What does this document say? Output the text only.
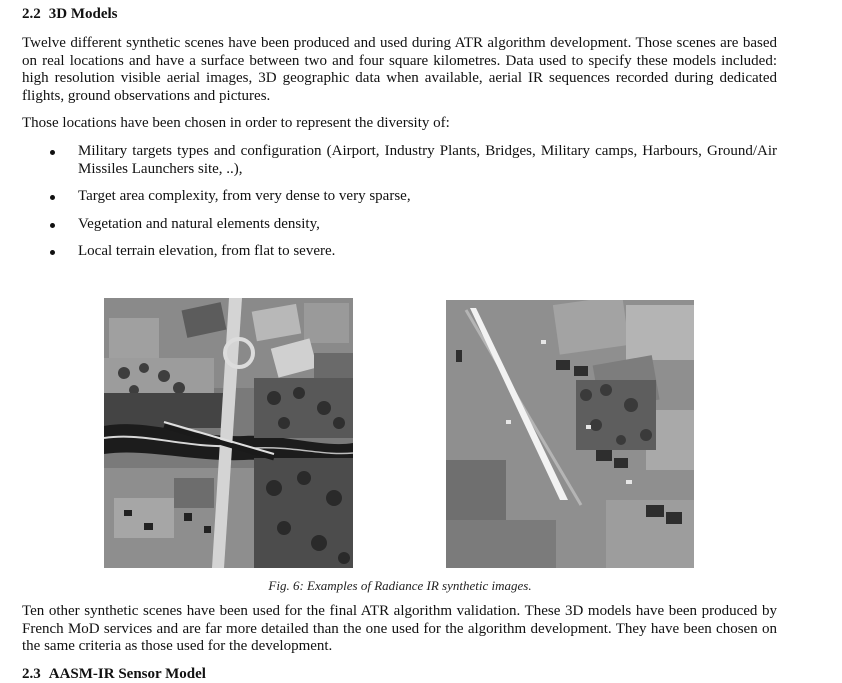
2.2 3D Models

Twelve different synthetic scenes have been produced and used during ATR algorithm development. Those scenes are based on real locations and have a surface between two and four square kilometres. Data used to specify these models included: high resolution visible aerial images, 3D geographic data when available, aerial IR sequences recorded during dedicated flights, ground observations and pictures.

Those locations have been chosen in order to represent the diversity of:

Military targets types and configuration (Airport, Industry Plants, Bridges, Military camps, Harbours, Ground/Air Missiles Launchers site, ..),
Target area complexity, from very dense to very sparse,
Vegetation and natural elements density,
Local terrain elevation, from flat to severe.
Fig. 6: Examples of Radiance IR synthetic images.

Ten other synthetic scenes have been used for the final ATR algorithm validation. These 3D models have been produced by French MoD services and are far more detailed than the one used for the algorithm development. They have been chosen on the same criteria as those used for the development.

2.3 AASM-IR Sensor Model
